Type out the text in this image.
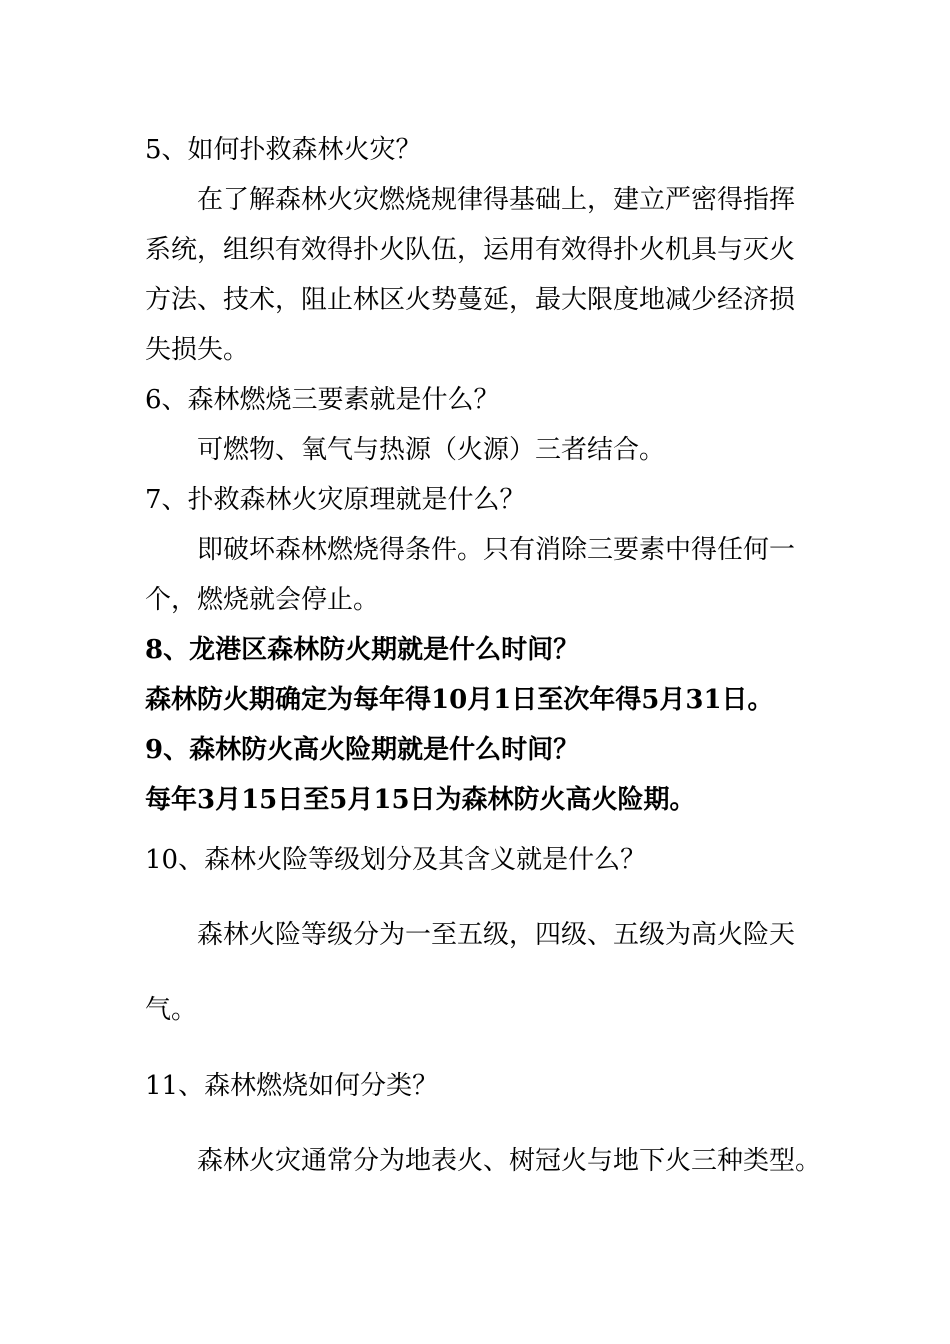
5、如何扑救森林火灾？
在了解森林火灾燃烧规律得基础上，建立严密得指挥
系统，组织有效得扑火队伍，运用有效得扑火机具与灭火
方法、技术，阻止林区火势蔓延，最大限度地减少经济损
失损失。
6、森林燃烧三要素就是什么？
可燃物、氧气与热源（火源）三者结合。
7、扑救森林火灾原理就是什么？
即破坏森林燃烧得条件。只有消除三要素中得任何一
个，燃烧就会停止。
8、龙港区森林防火期就是什么时间？
森林防火期确定为每年得10月1日至次年得5月31日。
9、森林防火高火险期就是什么时间？
每年3月15日至5月15日为森林防火高火险期。
10、森林火险等级划分及其含义就是什么？
森林火险等级分为一至五级，四级、五级为高火险天
气。
11、森林燃烧如何分类？
森林火灾通常分为地表火、树冠火与地下火三种类型。
